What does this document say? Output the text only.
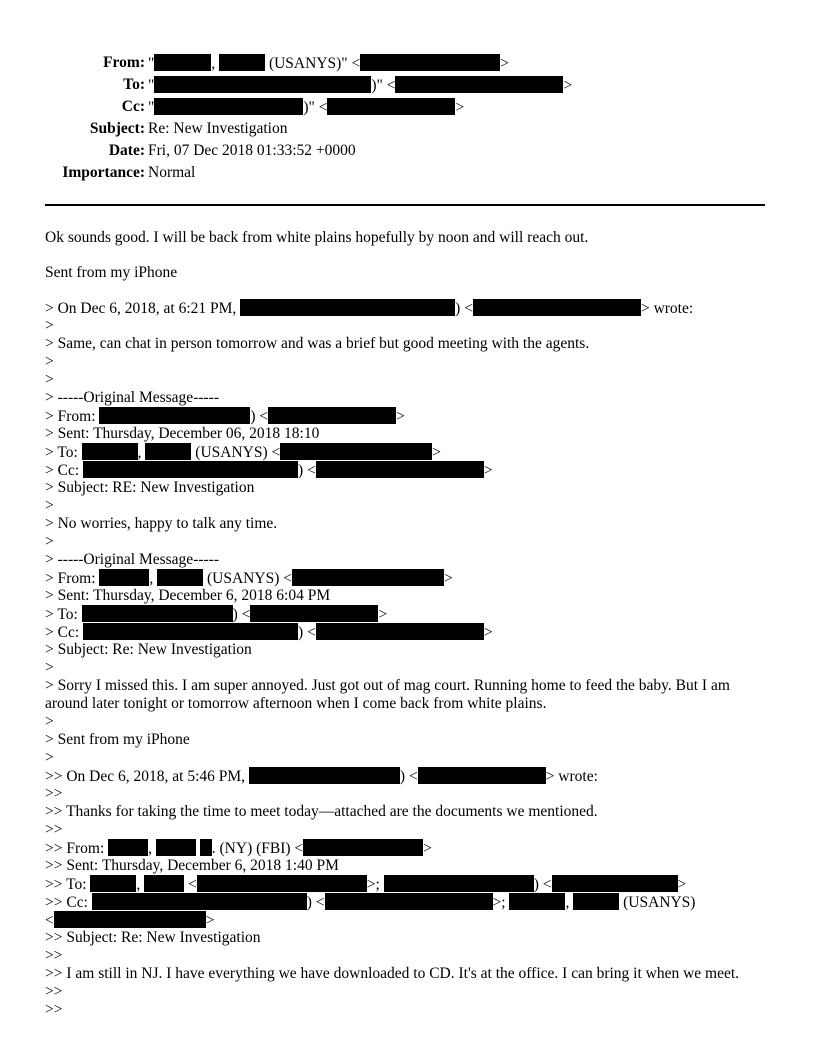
From: "	,	(USANYS)" <	>
To: "	)" <	>
Cc: "	)" <	>
Subject: Re: New Investigation
Date: Fri, 07 Dec 2018 01:33:52 +0000
Importance: Normal
Ok sounds good. I will be back from white plains hopefully by noon and will reach out.
Sent from my iPhone
> On Dec 6, 2018, at 6:21 PM,	) <	> wrote:
>
> Same, can chat in person tomorrow and was a brief but good meeting with the agents.
>
>
> -----Original Message-----
> From:	) <	>
> Sent: Thursday, December 06, 2018 18:10
> To:	,	(USANYS) <	>
> Cc:	) <	>
> Subject: RE: New Investigation
>
> No worries, happy to talk any time.
>
> -----Original Message-----
> From:	,	(USANYS) <	>
> Sent: Thursday, December 6, 2018 6:04 PM
> To:	) <	>
> Cc:	) <	>
> Subject: Re: New Investigation
>
> Sorry I missed this. I am super annoyed. Just got out of mag court. Running home to feed the baby. But I am
around later tonight or tomorrow afternoon when I come back from white plains.
>
> Sent from my iPhone
>
>> On Dec 6, 2018, at 5:46 PM,	) <	> wrote:
>>
>> Thanks for taking the time to meet today—attached are the documents we mentioned.
>>
>> From:	,	. (NY) (FBI) <	>
>> Sent: Thursday, December 6, 2018 1:40 PM
>> To:	,	<	>;	) <	>
>> Cc:	) <	>;	,	(USANYS)
<	>
>> Subject: Re: New Investigation
>>
>> I am still in NJ. I have everything we have downloaded to CD. It's at the office. I can bring it when we meet.
>>
>>
